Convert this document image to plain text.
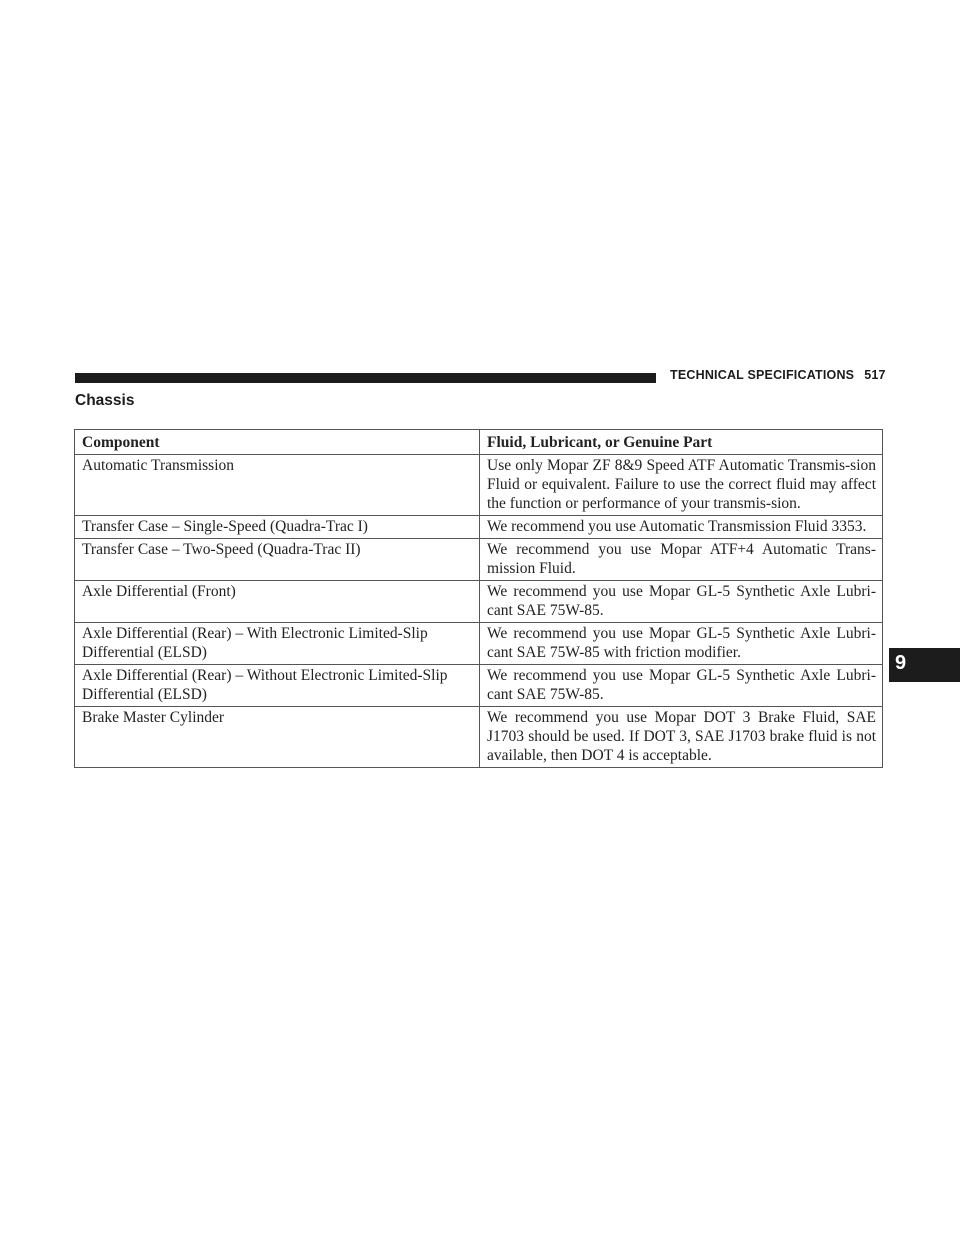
TECHNICAL SPECIFICATIONS 517
Chassis
Component	Fluid, Lubricant, or Genuine Part
Automatic Transmission	Use only Mopar ZF 8&9 Speed ATF Automatic Transmis-sion Fluid or equivalent. Failure to use the correct fluid may affect the function or performance of your transmis-sion.
Transfer Case – Single-Speed (Quadra-Trac I)	We recommend you use Automatic Transmission Fluid 3353.
Transfer Case – Two-Speed (Quadra-Trac II)	We recommend you use Mopar ATF+4 Automatic Trans-mission Fluid.
Axle Differential (Front)	We recommend you use Mopar GL-5 Synthetic Axle Lubri-cant SAE 75W-85.
Axle Differential (Rear) – With Electronic Limited-Slip Differential (ELSD)	We recommend you use Mopar GL-5 Synthetic Axle Lubri-cant SAE 75W-85 with friction modifier.
Axle Differential (Rear) – Without Electronic Limited-Slip Differential (ELSD)	We recommend you use Mopar GL-5 Synthetic Axle Lubri-cant SAE 75W-85.
Brake Master Cylinder	We recommend you use Mopar DOT 3 Brake Fluid, SAE J1703 should be used. If DOT 3, SAE J1703 brake fluid is not available, then DOT 4 is acceptable.
9
